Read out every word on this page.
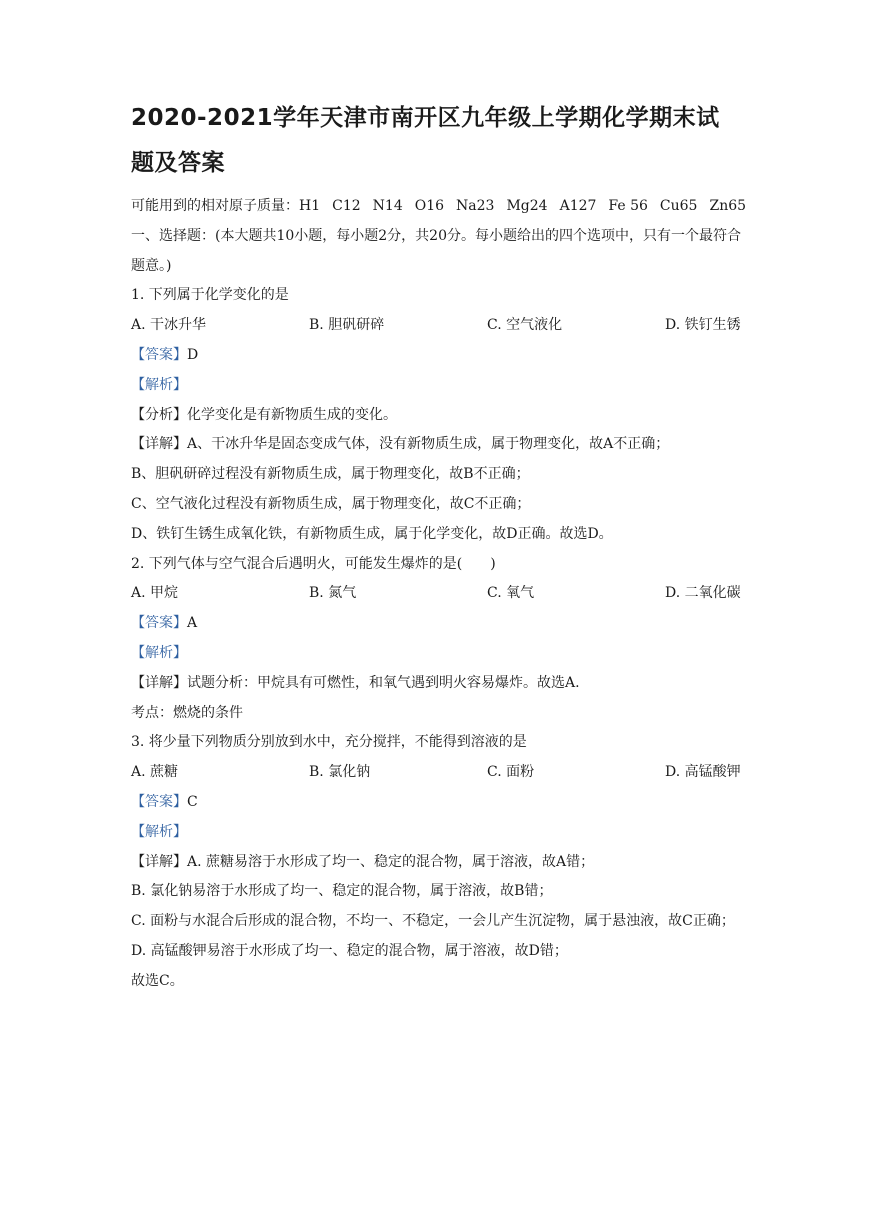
2020-2021学年天津市南开区九年级上学期化学期末试题及答案
可能用到的相对原子质量：H1 C12 N14 O16 Na23 Mg24 A127 Fe 56 Cu65 Zn65
一、选择题：(本大题共10小题，每小题2分，共20分。每小题给出的四个选项中，只有一个最符合题意。)
1. 下列属于化学变化的是
A. 干冰升华	B. 胆矾研碎	C. 空气液化	D. 铁钉生锈
【答案】D
【解析】
【分析】化学变化是有新物质生成的变化。
【详解】A、干冰升华是固态变成气体，没有新物质生成，属于物理变化，故A不正确；
B、胆矾研碎过程没有新物质生成，属于物理变化，故B不正确；
C、空气液化过程没有新物质生成，属于物理变化，故C不正确；
D、铁钉生锈生成氧化铁，有新物质生成，属于化学变化，故D正确。故选D。
2. 下列气体与空气混合后遇明火，可能发生爆炸的是(　　)
A. 甲烷	B. 氮气	C. 氧气	D. 二氧化碳
【答案】A
【解析】
【详解】试题分析：甲烷具有可燃性，和氧气遇到明火容易爆炸。故选A.
考点：燃烧的条件
3. 将少量下列物质分别放到水中，充分搅拌，不能得到溶液的是
A. 蔗糖	B. 氯化钠	C. 面粉	D. 高锰酸钾
【答案】C
【解析】
【详解】A. 蔗糖易溶于水形成了均一、稳定的混合物，属于溶液，故A错；
B. 氯化钠易溶于水形成了均一、稳定的混合物，属于溶液，故B错；
C. 面粉与水混合后形成的混合物，不均一、不稳定，一会儿产生沉淀物，属于悬浊液，故C正确；
D. 高锰酸钾易溶于水形成了均一、稳定的混合物，属于溶液，故D错；
故选C。
